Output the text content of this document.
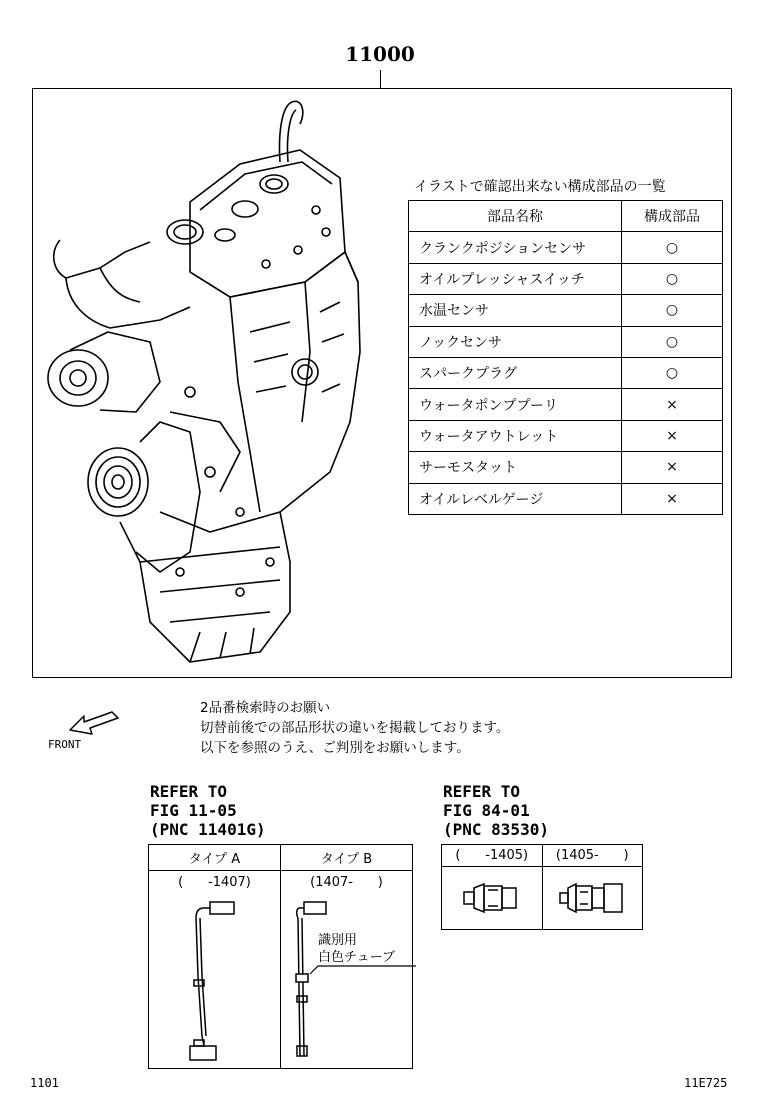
11000
イラストで確認出来ない構成部品の一覧
部品名称	構成部品
クランクポジションセンサ	○
オイルプレッシャスイッチ	○
水温センサ	○
ノックセンサ	○
スパークプラグ	○
ウォータポンププーリ	×
ウォータアウトレット	×
サーモスタット	×
オイルレベルゲージ	×
FRONT
2品番検索時のお願い
切替前後での部品形状の違いを掲載しております。
以下を参照のうえ、ご判別をお願いします。
REFER TO
FIG 11-05
(PNC 11401G)
REFER TO
FIG 84-01
(PNC 83530)
タイプ A	タイプ B

(      -1407)	(1407-      )
識別用
白色チューブ
(      -1405)	(1405-      )

1101	11E725
